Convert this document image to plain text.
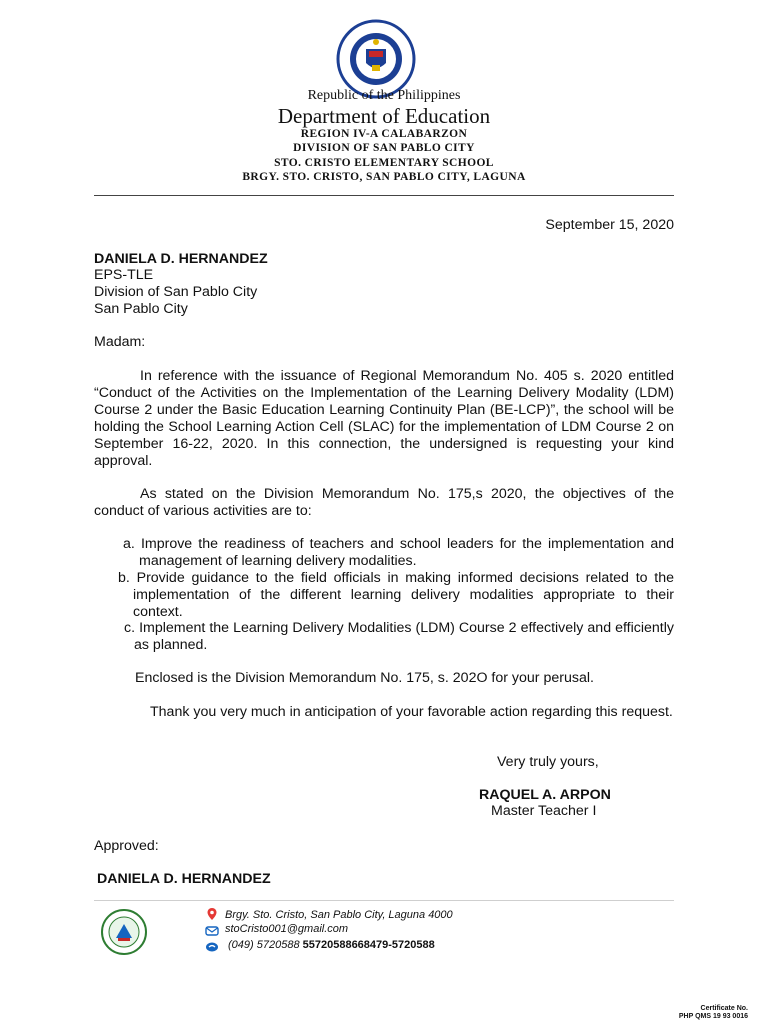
Republic of the Philippines
Department of Education
REGION IV-A CALABARZON
DIVISION OF SAN PABLO CITY
STO. CRISTO ELEMENTARY SCHOOL
BRGY. STO. CRISTO, SAN PABLO CITY, LAGUNA
September 15, 2020
DANIELA D. HERNANDEZ
EPS-TLE
Division of San Pablo City
San Pablo City
Madam:
In reference with the issuance of Regional Memorandum No. 405 s. 2020 entitled “Conduct of the Activities on the Implementation of the Learning Delivery Modality (LDM) Course 2 under the Basic Education Learning Continuity Plan (BE-LCP)”, the school will be holding the School Learning Action Cell (SLAC) for the implementation of LDM Course 2 on September 16-22, 2020. In this connection, the undersigned is requesting your kind approval.
As stated on the Division Memorandum No. 175,s 2020, the objectives of the conduct of various activities are to:
a. Improve the readiness of teachers and school leaders for the implementation and management of learning delivery modalities.
b. Provide guidance to the field officials in making informed decisions related to the implementation of the different learning delivery modalities appropriate to their context.
c. Implement the Learning Delivery Modalities (LDM) Course 2 effectively and efficiently as planned.
Enclosed is the Division Memorandum No. 175, s. 202O for your perusal.
Thank you very much in anticipation of your favorable action regarding this request.
Very truly yours,
RAQUEL A. ARPON
Master Teacher I
Approved:
DANIELA D. HERNANDEZ
Brgy. Sto. Cristo, San Pablo City, Laguna 4000
stoCristo001@gmail.com
(049) 5720588 55720588668479-5720588
Certificate No.
PHP QMS 19 93 0016
